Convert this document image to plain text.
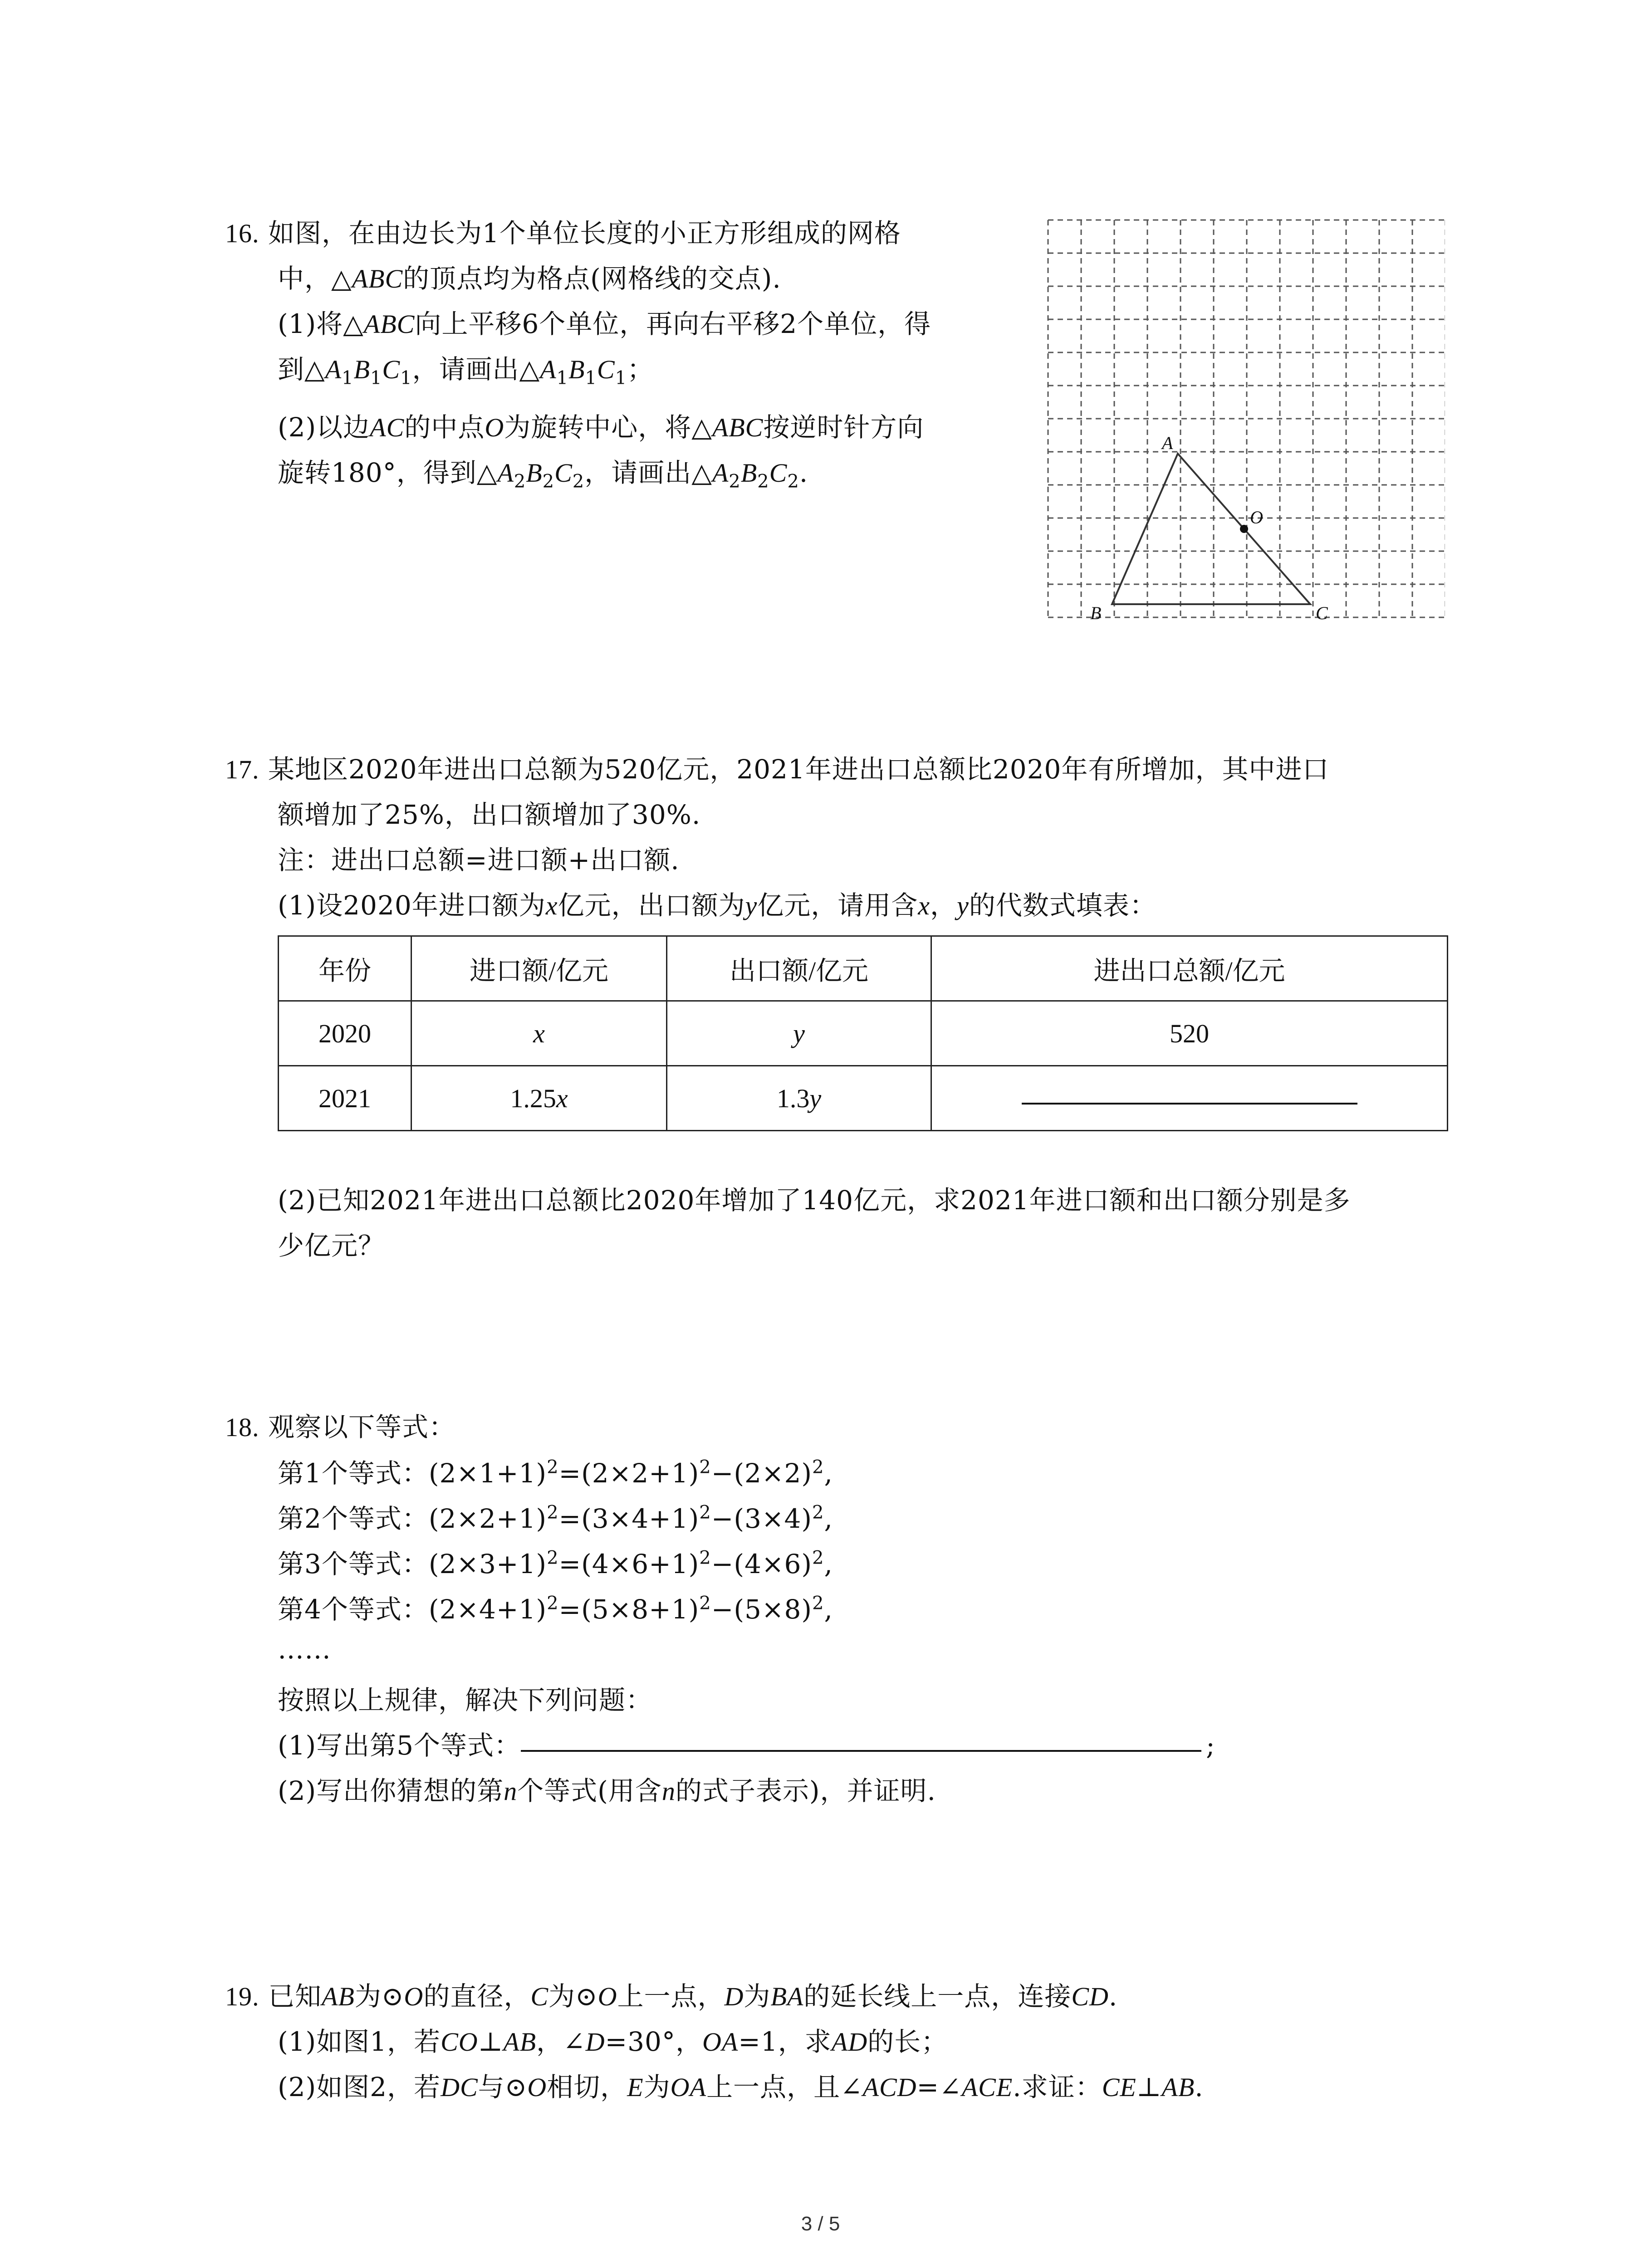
16. 如图，在由边长为1个单位长度的小正方形组成的网格
中，△ABC的顶点均为格点(网格线的交点).
(1)将△ABC向上平移6个单位，再向右平移2个单位，得
到$\triangle A_1B_1C_1$，请画出$\triangle A_1B_1C_1$；
(2)以边AC的中点O为旋转中心，将△ABC按逆时针方向
旋转180°，得到$\triangle A_2B_2C_2$，请画出$\triangle A_2B_2C_2$.
A
B	C
O
17. 某地区2020年进出口总额为520亿元，2021年进出口总额比2020年有所增加，其中进口
额增加了25%，出口额增加了30%.
注：进出口总额=进口额+出口额.
(1)设2020年进口额为x亿元，出口额为y亿元，请用含x，y的代数式填表：
年份	进口额/亿元	出口额/亿元	进出口总额/亿元
2020	x	y	520
2021	1.25x	1.3y	
(2)已知2021年进出口总额比2020年增加了140亿元，求2021年进口额和出口额分别是多
少亿元？
18. 观察以下等式：
第1个等式：$(2\times 1+1)^2=(2\times 2+1)^2-(2\times 2)^2$,
第2个等式：$(2\times 2+1)^2=(3\times 4+1)^2-(3\times 4)^2$,
第3个等式：$(2\times 3+1)^2=(4\times 6+1)^2-(4\times 6)^2$,
第4个等式：$(2\times 4+1)^2=(5\times 8+1)^2-(5\times 8)^2$,
……
按照以上规律，解决下列问题：
(1)写出第5个等式：	;
(2)写出你猜想的第n个等式(用含n的式子表示)，并证明.
19. 已知AB为⊙O的直径，C为⊙O上一点，D为BA的延长线上一点，连接CD.
(1)如图1，若CO⊥AB，∠D=30°，OA=1，求AD的长；
(2)如图2，若DC与⊙O相切，E为OA上一点，且∠ACD=∠ACE.求证：CE⊥AB.
3 / 5
